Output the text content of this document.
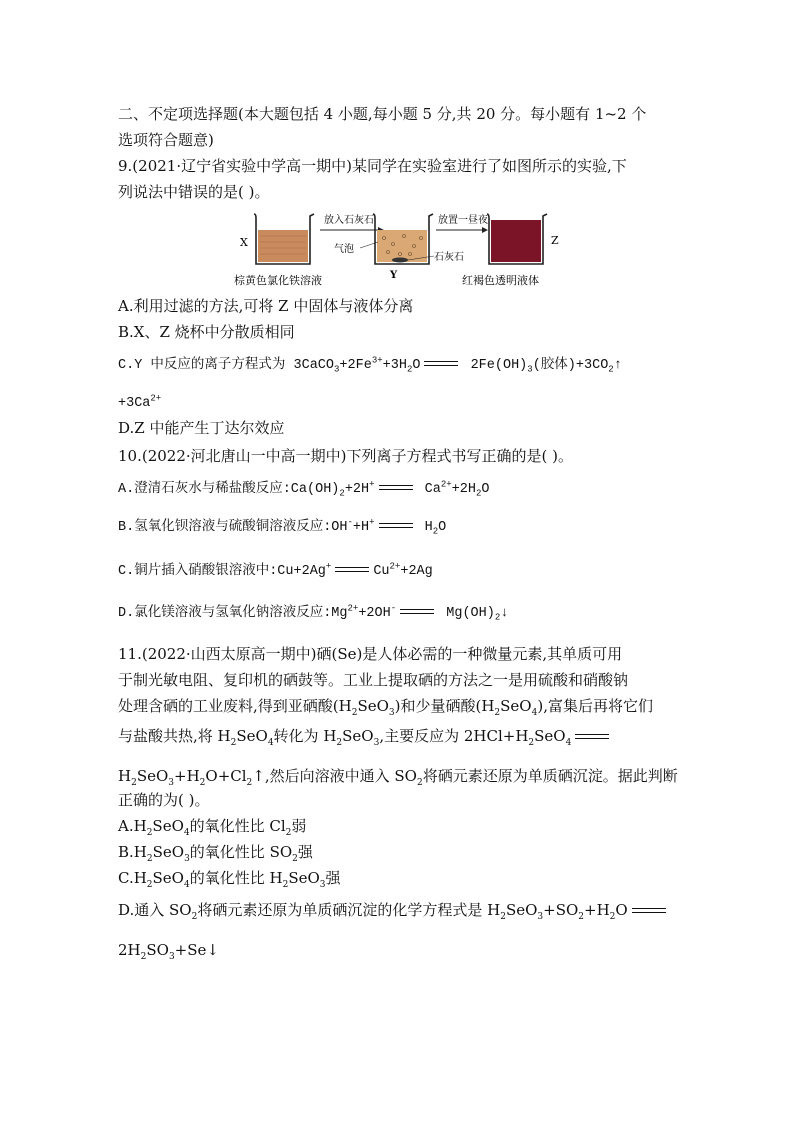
二、不定项选择题(本大题包括 4 小题,每小题 5 分,共 20 分。每小题有 1~2 个
选项符合题意)
9.(2021·辽宁省实验中学高一期中)某同学在实验室进行了如图所示的实验,下
列说法中错误的是( )。
X
放入石灰石
Y
气泡
石灰石
放置一昼夜
Z
棕黄色氯化铁溶液	红褐色透明液体
A.利用过滤的方法,可将 Z 中固体与液体分离
B.X、Z 烧杯中分散质相同
C.Y 中反应的离子方程式为 $3CaCO_3+2Fe^{3+}+3H_2O$	$2Fe(OH)_3$(胶体)$+3CO_2↑$
$+3Ca^{2+}$
D.Z 中能产生丁达尔效应
10.(2022·河北唐山一中高一期中)下列离子方程式书写正确的是( )。
A.澄清石灰水与稀盐酸反应$:Ca(OH)_2+2H^+$	$Ca^{2+}+2H_2O$
B.氢氧化钡溶液与硫酸铜溶液反应:OH-+H+	$H_2O$
C.铜片插入硝酸银溶液中:Cu+2Ag+	$Cu^{2+}+2Ag$
D.氯化镁溶液与氢氧化钠溶液反应$:Mg^{2+}+2OH^-$	$Mg(OH)_2↓$
11.(2022·山西太原高一期中)硒(Se)是人体必需的一种微量元素,其单质可用
于制光敏电阻、复印机的硒鼓等。工业上提取硒的方法之一是用硫酸和硝酸钠
处理含硒的工业废料,得到亚硒酸$(H_2SeO_3)$和少量硒酸$(H_2SeO_4)$,富集后再将它们
与盐酸共热,将 $H_2SeO_4$转化为 $H_2SeO_3$,主要反应为 $2HCl+H_2SeO_4$
$H_2SeO_3+H_2O+Cl_2↑$,然后向溶液中通入 $SO_2$将硒元素还原为单质硒沉淀。据此判断
正确的为( )。
$A.H_2SeO_4$的氧化性比 $Cl_2$弱
$B.H_2SeO_3$的氧化性比 $SO_2$强
$C.H_2SeO_4$的氧化性比 $H_2SeO_3$强
D.通入 $SO_2$将硒元素还原为单质硒沉淀的化学方程式是 $H_2SeO_3+SO_2+H_2O$
$2H_2SO_3+Se↓$
